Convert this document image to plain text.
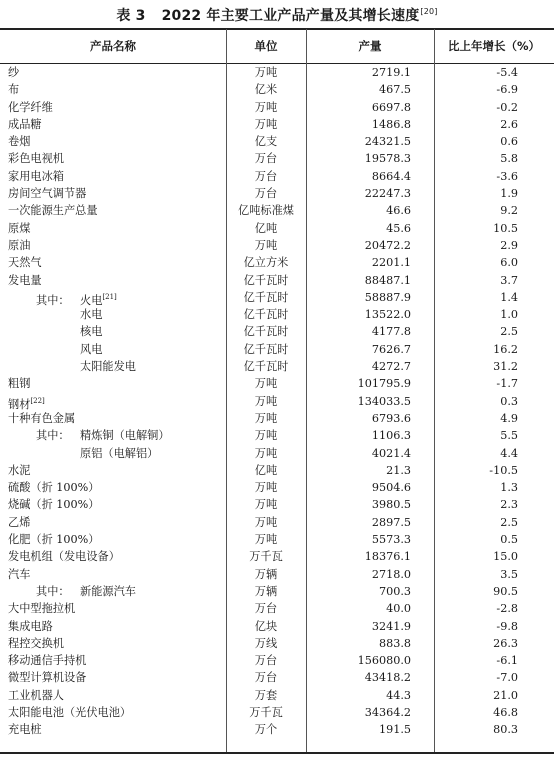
表 3 2022 年主要工业产品产量及其增长速度[20]
产品名称	单位	产量	比上年增长（%）
纱	万吨	2719.1	-5.4
布	亿米	467.5	-6.9
化学纤维	万吨	6697.8	-0.2
成品糖	万吨	1486.8	2.6
卷烟	亿支	24321.5	0.6
彩色电视机	万台	19578.3	5.8
家用电冰箱	万台	8664.4	-3.6
房间空气调节器	万台	22247.3	1.9
一次能源生产总量	亿吨标准煤	46.6	9.2
原煤	亿吨	45.6	10.5
原油	万吨	20472.2	2.9
天然气	亿立方米	2201.1	6.0
发电量	亿千瓦时	88487.1	3.7
其中： 火电[21]	亿千瓦时	58887.9	1.4
水电	亿千瓦时	13522.0	1.0
核电	亿千瓦时	4177.8	2.5
风电	亿千瓦时	7626.7	16.2
太阳能发电	亿千瓦时	4272.7	31.2
粗钢	万吨	101795.9	-1.7
钢材[22]	万吨	134033.5	0.3
十种有色金属	万吨	6793.6	4.9
其中： 精炼铜（电解铜）	万吨	1106.3	5.5
原铝（电解铝）	万吨	4021.4	4.4
水泥	亿吨	21.3	-10.5
硫酸（折 100%）	万吨	9504.6	1.3
烧碱（折 100%）	万吨	3980.5	2.3
乙烯	万吨	2897.5	2.5
化肥（折 100%）	万吨	5573.3	0.5
发电机组（发电设备）	万千瓦	18376.1	15.0
汽车	万辆	2718.0	3.5
其中： 新能源汽车	万辆	700.3	90.5
大中型拖拉机	万台	40.0	-2.8
集成电路	亿块	3241.9	-9.8
程控交换机	万线	883.8	26.3
移动通信手持机	万台	156080.0	-6.1
微型计算机设备	万台	43418.2	-7.0
工业机器人	万套	44.3	21.0
太阳能电池（光伏电池）	万千瓦	34364.2	46.8
充电桩	万个	191.5	80.3
